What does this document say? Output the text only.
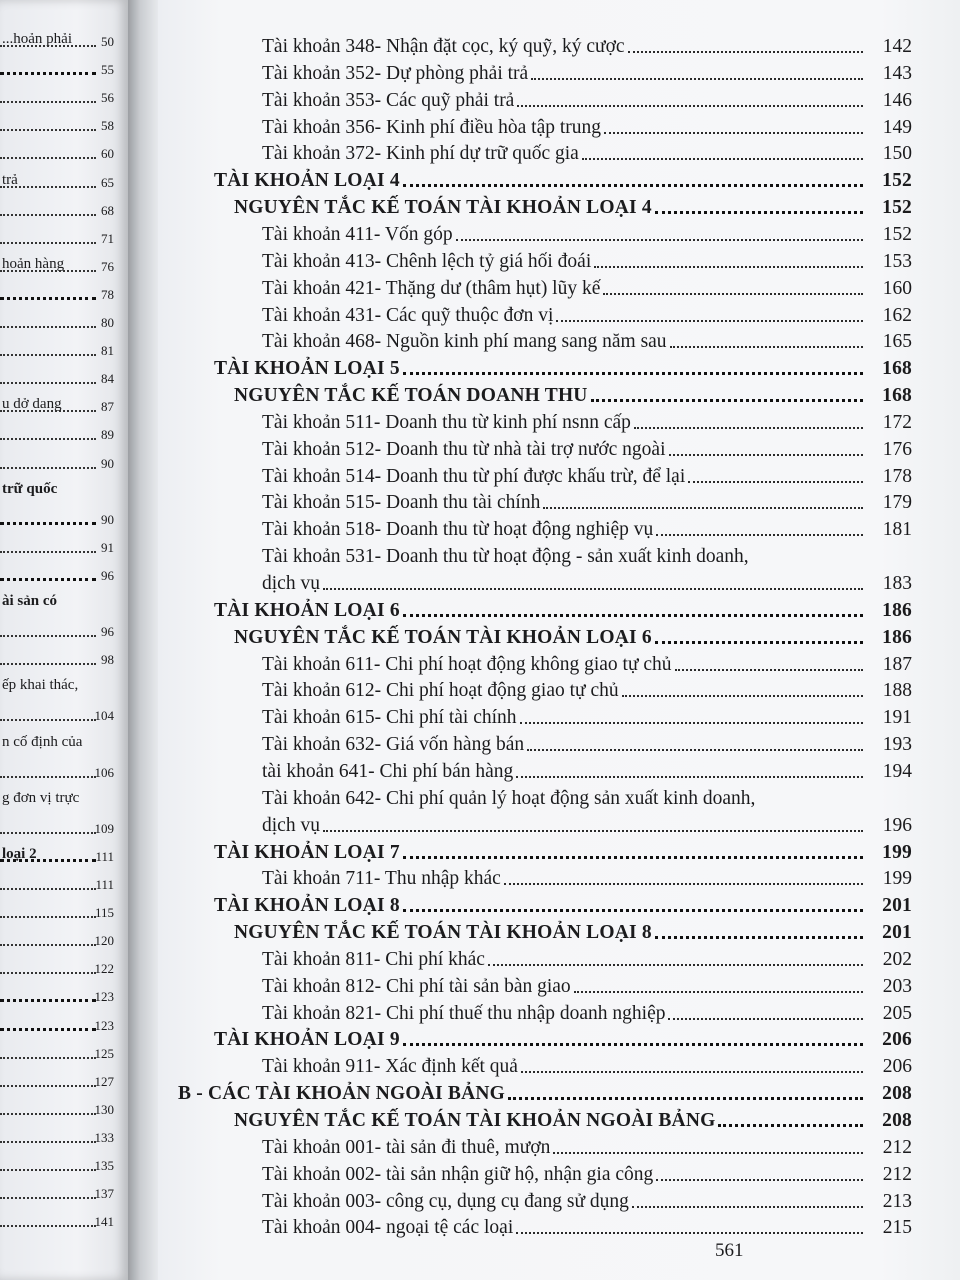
...hoản phải 50
55
56
58
60
trả	65
68
71
hoản hàng	76
78
80
81
84
u dở dang	87
89
90
trữ quốc
90
91
96
ài sản có
96
98
ếp khai thác,
104
n cố định của
106
g đơn vị trực
109
loại 2	111
111
115
120
122
123
123
125
127
130
133
135
137
141
Tài khoản 348- Nhận đặt cọc, ký quỹ, ký cược	142
Tài khoản 352- Dự phòng phải trả	143
Tài khoản 353- Các quỹ phải trả	146
Tài khoản 356- Kinh phí điều hòa tập trung	149
Tài khoản 372- Kinh phí dự trữ quốc gia	150
TÀI KHOẢN LOẠI 4	152
NGUYÊN TẮC KẾ TOÁN TÀI KHOẢN LOẠI 4	152
Tài khoản 411- Vốn góp	152
Tài khoản 413- Chênh lệch tỷ giá hối đoái	153
Tài khoản 421- Thặng dư (thâm hụt) lũy kế	160
Tài khoản 431- Các quỹ thuộc đơn vị	162
Tài khoản 468- Nguồn kinh phí mang sang năm sau	165
TÀI KHOẢN LOẠI 5	168
NGUYÊN TẮC KẾ TOÁN DOANH THU	168
Tài khoản 511- Doanh thu từ kinh phí nsnn cấp	172
Tài khoản 512- Doanh thu từ nhà tài trợ nước ngoài	176
Tài khoản 514- Doanh thu từ phí được khấu trừ, để lại	178
Tài khoản 515- Doanh thu tài chính	179
Tài khoản 518- Doanh thu từ hoạt động nghiệp vụ	181
Tài khoản 531- Doanh thu từ hoạt động - sản xuất kinh doanh,
dịch vụ	183
TÀI KHOẢN LOẠI 6	186
NGUYÊN TẮC KẾ TOÁN TÀI KHOẢN LOẠI 6	186
Tài khoản 611- Chi phí hoạt động không giao tự chủ	187
Tài khoản 612- Chi phí hoạt động giao tự chủ	188
Tài khoản 615- Chi phí tài chính	191
Tài khoản 632- Giá vốn hàng bán	193
tài khoản 641- Chi phí bán hàng	194
Tài khoản 642- Chi phí quản lý hoạt động sản xuất kinh doanh,
dịch vụ	196
TÀI KHOẢN LOẠI 7	199
Tài khoản 711- Thu nhập khác	199
TÀI KHOẢN LOẠI 8	201
NGUYÊN TẮC KẾ TOÁN TÀI KHOẢN LOẠI 8	201
Tài khoản 811- Chi phí khác	202
Tài khoản 812- Chi phí tài sản bàn giao	203
Tài khoản 821- Chi phí thuế thu nhập doanh nghiệp	205
TÀI KHOẢN LOẠI 9	206
Tài khoản 911- Xác định kết quả	206
B - CÁC TÀI KHOẢN NGOÀI BẢNG	208
NGUYÊN TẮC KẾ TOÁN TÀI KHOẢN NGOÀI BẢNG	208
Tài khoản 001- tài sản đi thuê, mượn	212
Tài khoản 002- tài sản nhận giữ hộ, nhận gia công	212
Tài khoản 003- công cụ, dụng cụ đang sử dụng	213
Tài khoản 004- ngoại tệ các loại	215
561
